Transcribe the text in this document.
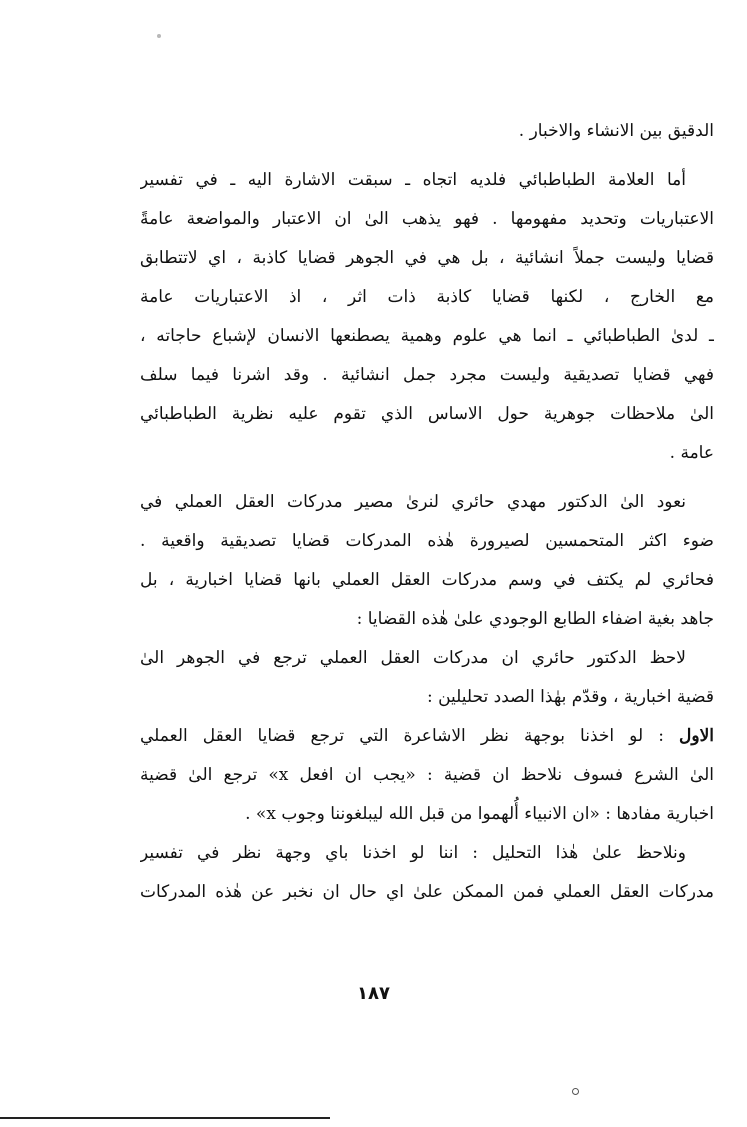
الدقيق بين الانشاء والاخبار .
أما العلامة الطباطبائي فلديه اتجاه ـ سبقت الاشارة اليه ـ في تفسير
الاعتباريات وتحديد مفهومها . فهو يذهب الىٰ ان الاعتبار والمواضعة عامةً
قضايا وليست جملاً انشائية ، بل هي في الجوهر قضايا كاذبة ، اي لاتتطابق
مع الخارج ، لكنها قضايا كاذبة ذات اثر ، اذ الاعتباريات عامة
ـ لدىٰ الطباطبائي ـ انما هي علوم وهمية يصطنعها الانسان لإشباع حاجاته ،
فهي قضايا تصديقية وليست مجرد جمل انشائية . وقد اشرنا فيما سلف
الىٰ ملاحظات جوهرية حول الاساس الذي تقوم عليه نظرية الطباطبائي
عامة .
نعود الىٰ الدكتور مهدي حائري لنرىٰ مصير مدركات العقل العملي في
ضوء اكثر المتحمسين لصيرورة هٰذه المدركات قضايا تصديقية واقعية .
فحائري لم يكتف في وسم مدركات العقل العملي بانها قضايا اخبارية ، بل
جاهد بغية اضفاء الطابع الوجودي علىٰ هٰذه القضايا :
لاحظ الدكتور حائري ان مدركات العقل العملي ترجع في الجوهر الىٰ
قضية اخبارية ، وقدّم بهٰذا الصدد تحليلين :
الاول : لو اخذنا بوجهة نظر الاشاعرة التي ترجع قضايا العقل العملي
الىٰ الشرع فسوف نلاحظ ان قضية : «يجب ان افعل x» ترجع الىٰ قضية
اخبارية مفادها : «ان الانبياء أُلهموا من قبل الله ليبلغوننا وجوب x» .
ونلاحظ علىٰ هٰذا التحليل : اننا لو اخذنا باي وجهة نظر في تفسير
مدركات العقل العملي فمن الممكن علىٰ اي حال ان نخبر عن هٰذه المدركات
١٨٧
